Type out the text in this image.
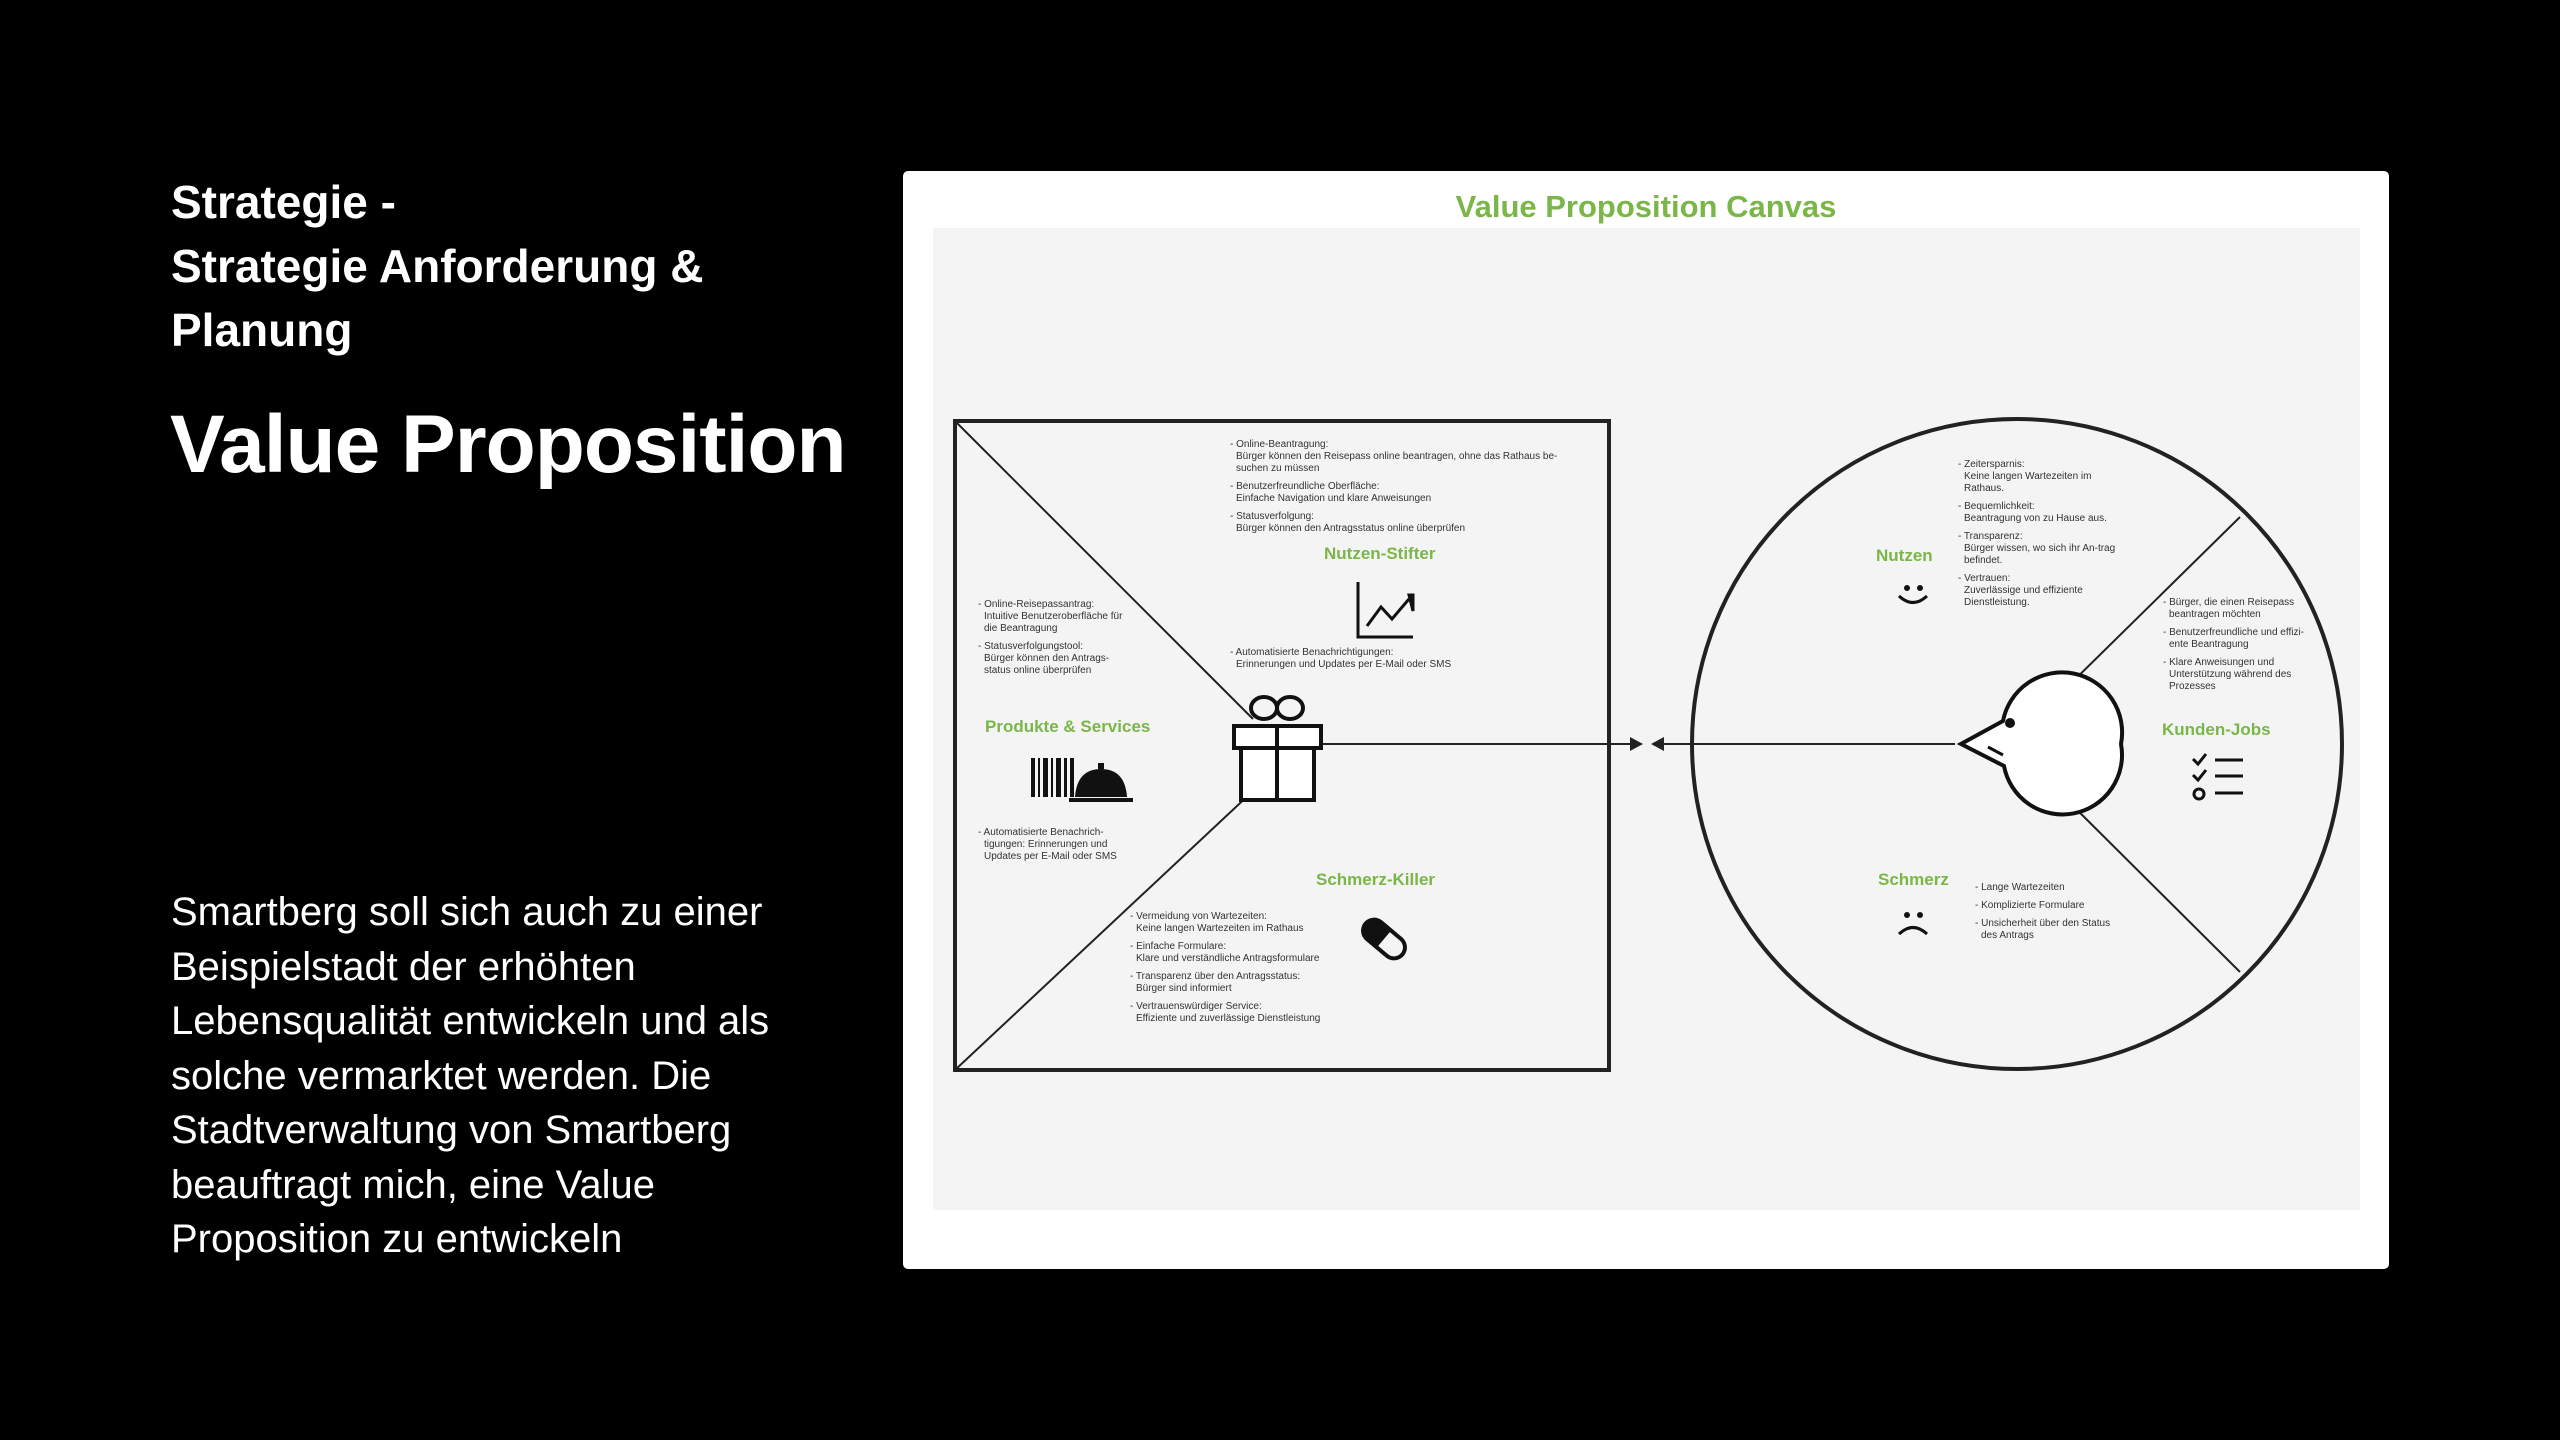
Strategie -
Strategie Anforderung &
Planung
Value Proposition

Smartberg soll sich auch zu einer Beispielstadt der erhöhten Lebensqualität entwickeln und als solche vermarktet werden. Die Stadtverwaltung von Smartberg beauftragt mich, eine Value Proposition zu entwickeln

Value Proposition Canvas
Nutzen-Stifter
Produkte & Services
Schmerz-Killer
Nutzen
Kunden-Jobs
Schmerz
- Online-Beantragung:
Bürger können den Reisepass online beantragen, ohne das Rathaus be-suchen zu müssen
- Benutzerfreundliche Oberfläche:
Einfache Navigation und klare Anweisungen
- Statusverfolgung:
Bürger können den Antragsstatus online überprüfen
- Automatisierte Benachrichtigungen:
Erinnerungen und Updates per E-Mail oder SMS
- Online-Reisepassantrag:
Intuitive Benutzeroberfläche für die Beantragung
- Statusverfolgungstool:
Bürger können den Antrags-status online überprüfen
- Automatisierte Benachrich-
tigungen: Erinnerungen und Updates per E-Mail oder SMS
- Vermeidung von Wartezeiten:
Keine langen Wartezeiten im Rathaus
- Einfache Formulare:
Klare und verständliche Antragsformulare
- Transparenz über den Antragsstatus:
Bürger sind informiert
- Vertrauenswürdiger Service:
Effiziente und zuverlässige Dienstleistung
- Zeitersparnis:
Keine langen Wartezeiten im Rathaus.
- Bequemlichkeit:
Beantragung von zu Hause aus.
- Transparenz:
Bürger wissen, wo sich ihr An-trag befindet.
- Vertrauen:
Zuverlässige und effiziente Dienstleistung.	- Bürger, die einen Reisepass
beantragen möchten
- Benutzerfreundliche und effizi-
ente Beantragung
- Klare Anweisungen und
Unterstützung während des Prozesses
- Lange Wartezeiten
- Komplizierte Formulare
- Unsicherheit über den Status
des Antrags
